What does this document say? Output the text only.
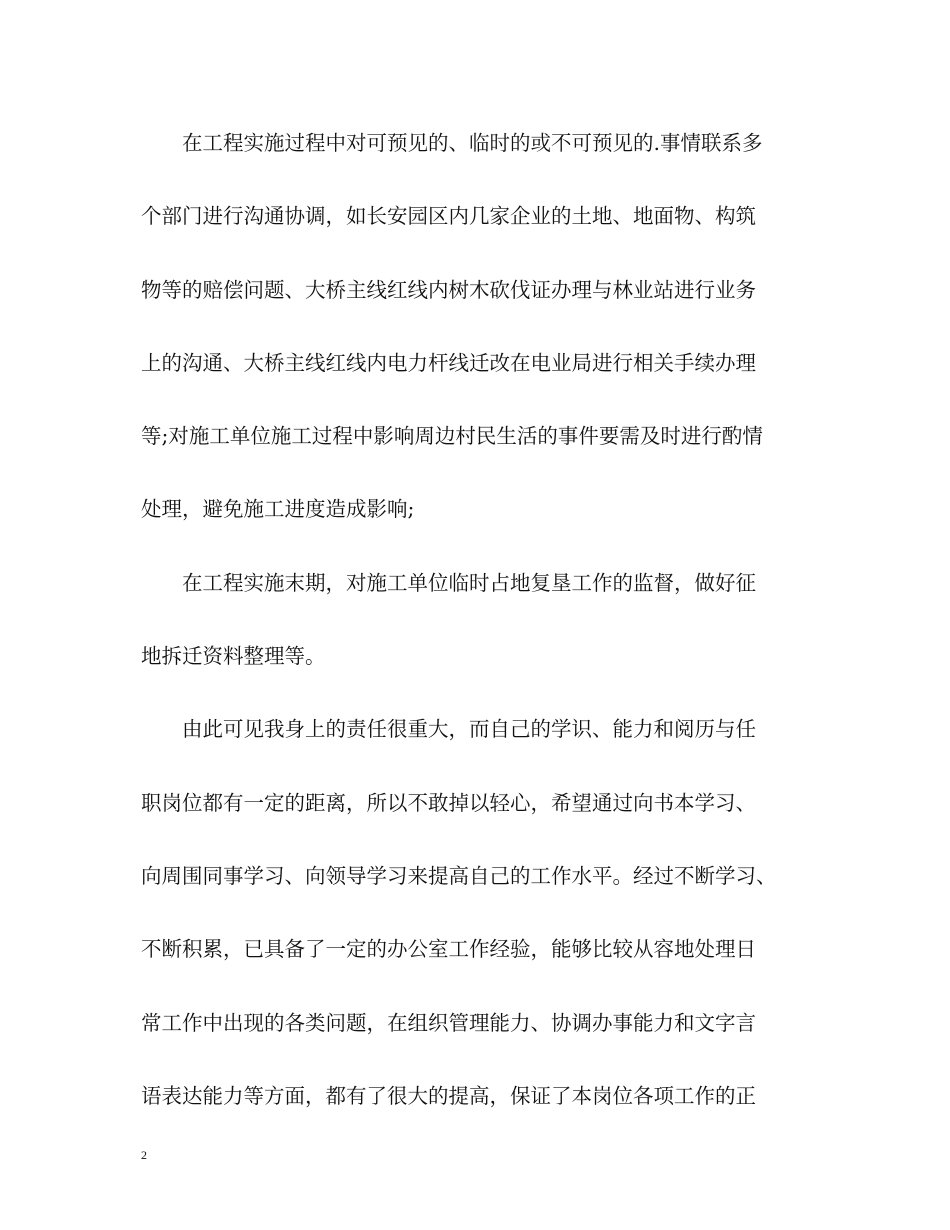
在工程实施过程中对可预见的、临时的或不可预见的.事情联系多
个部门进行沟通协调，如长安园区内几家企业的土地、地面物、构筑
物等的赔偿问题、大桥主线红线内树木砍伐证办理与林业站进行业务
上的沟通、大桥主线红线内电力杆线迁改在电业局进行相关手续办理
等;对施工单位施工过程中影响周边村民生活的事件要需及时进行酌情
处理，避免施工进度造成影响;
在工程实施末期，对施工单位临时占地复垦工作的监督，做好征
地拆迁资料整理等。
由此可见我身上的责任很重大，而自己的学识、能力和阅历与任
职岗位都有一定的距离，所以不敢掉以轻心，希望通过向书本学习、
向周围同事学习、向领导学习来提高自己的工作水平。经过不断学习、
不断积累，已具备了一定的办公室工作经验，能够比较从容地处理日
常工作中出现的各类问题，在组织管理能力、协调办事能力和文字言
语表达能力等方面，都有了很大的提高，保证了本岗位各项工作的正
2
